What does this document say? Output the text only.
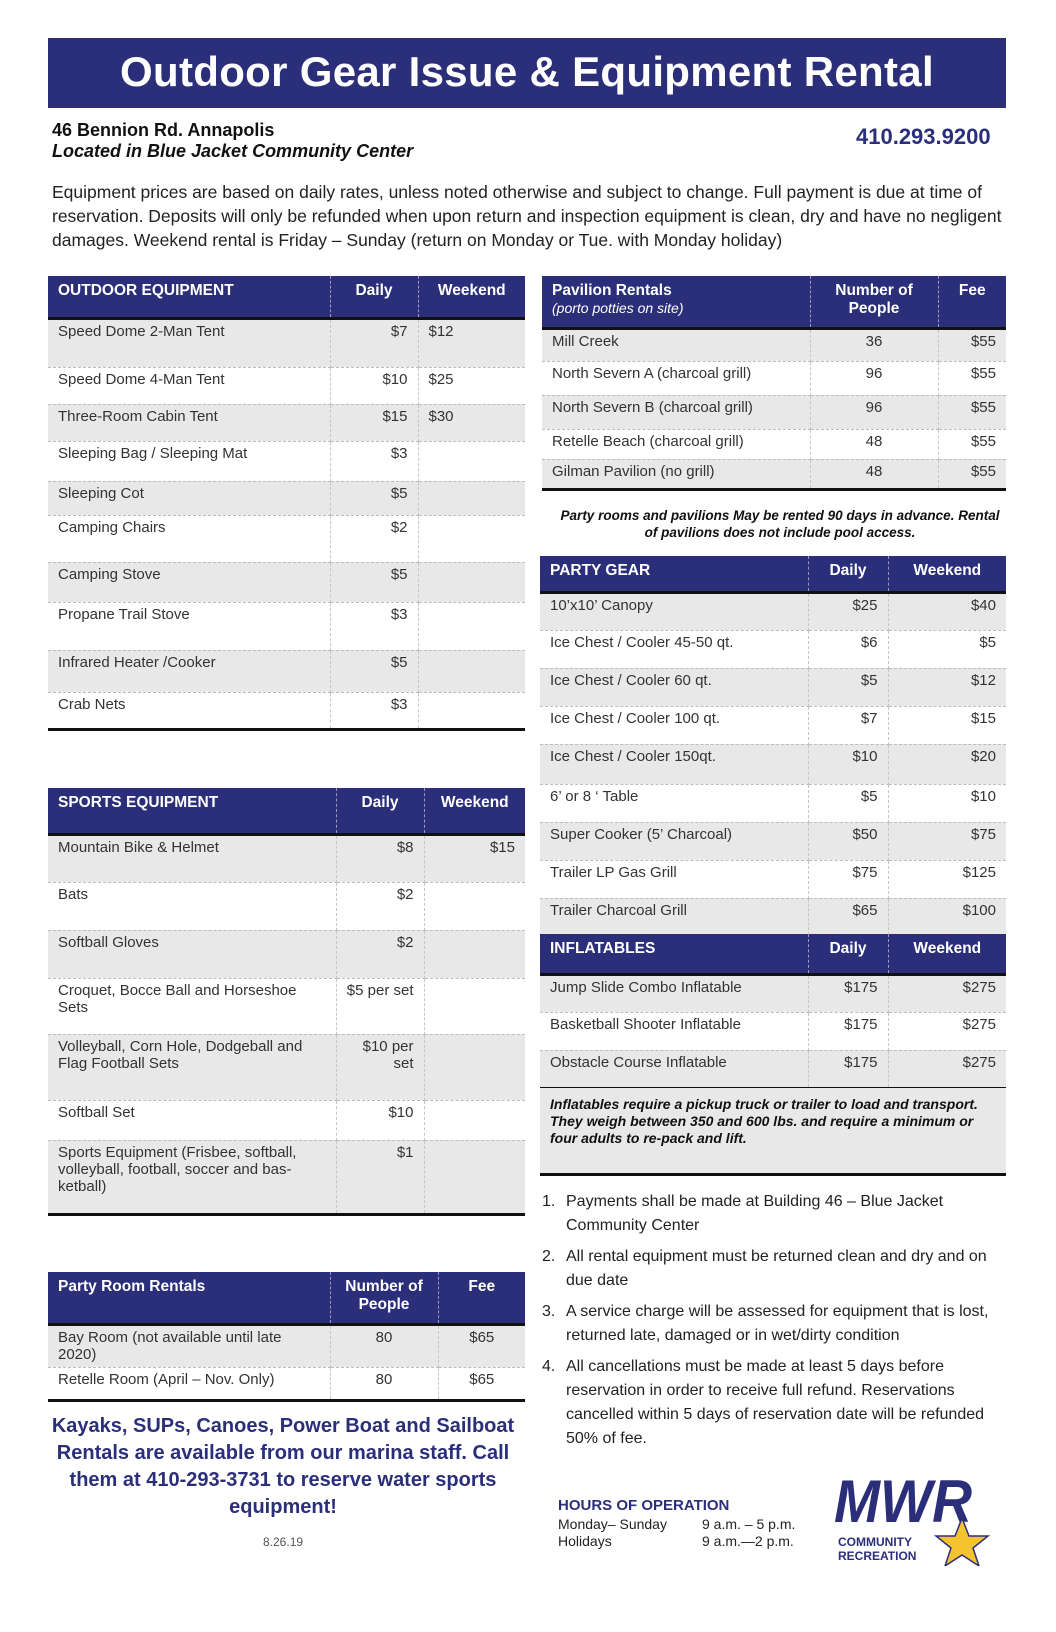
Outdoor Gear Issue & Equipment Rental
46 Bennion Rd. Annapolis
Located in Blue Jacket Community Center
410.293.9200
Equipment prices are based on daily rates, unless noted otherwise and subject to change. Full payment is due at time of reservation. Deposits will only be refunded when upon return and inspection equipment is clean, dry and have no negligent damages. Weekend rental is Friday – Sunday (return on Monday or Tue. with Monday holiday)
OUTDOOR EQUIPMENT	Daily	Weekend
Speed Dome 2-Man Tent	$7	$12
Speed Dome 4-Man Tent	$10	$25
Three-Room Cabin Tent	$15	$30
Sleeping Bag / Sleeping Mat	$3	
Sleeping Cot	$5	
Camping Chairs	$2	
Camping Stove	$5	
Propane Trail Stove	$3	
Infrared Heater /Cooker	$5	
Crab Nets	$3	
SPORTS EQUIPMENT	Daily	Weekend
Mountain Bike & Helmet	$8	$15
Bats	$2	
Softball Gloves	$2	
Croquet, Bocce Ball and Horseshoe Sets	$5 per set	
Volleyball, Corn Hole, Dodgeball and Flag Football Sets	$10 per set	
Softball Set	$10	
Sports Equipment (Frisbee, softball, volleyball, football, soccer and bas-ketball)	$1	
Party Room Rentals	Number of People	Fee
Bay Room (not available until late 2020)	80	$65
Retelle Room (April – Nov. Only)	80	$65
Pavilion Rentals
(porto potties on site)	Number of People	Fee
Mill Creek	36	$55
North Severn A (charcoal grill)	96	$55
North Severn B (charcoal grill)	96	$55
Retelle Beach (charcoal grill)	48	$55
Gilman Pavilion (no grill)	48	$55
Party rooms and pavilions May be rented 90 days in advance. Rental of pavilions does not include pool access.
PARTY GEAR	Daily	Weekend
10’x10’ Canopy	$25	$40
Ice Chest / Cooler 45-50 qt.	$6	$5
Ice Chest / Cooler 60 qt.	$5	$12
Ice Chest / Cooler 100 qt.	$7	$15
Ice Chest / Cooler 150qt.	$10	$20
6’ or 8 ‘ Table	$5	$10
Super Cooker (5’ Charcoal)	$50	$75
Trailer LP Gas Grill	$75	$125
Trailer Charcoal Grill	$65	$100
INFLATABLES	Daily	Weekend
Jump Slide Combo Inflatable	$175	$275
Basketball Shooter Inflatable	$175	$275
Obstacle Course Inflatable	$175	$275
Inflatables require a pickup truck or trailer to load and transport. They weigh between 350 and 600 lbs. and require a minimum or four adults to re-pack and lift.
1. Payments shall be made at Building 46 – Blue Jacket Community Center
2. All rental equipment must be returned clean and dry and on due date
3. A service charge will be assessed for equipment that is lost, returned late, damaged or in wet/dirty condition
4. All cancellations must be made at least 5 days before reservation in order to receive full refund. Reservations cancelled within 5 days of reservation date will be refunded 50% of fee.
Kayaks, SUPs, Canoes, Power Boat and Sailboat Rentals are available from our marina staff. Call them at 410-293-3731 to reserve water sports equipment!
8.26.19
HOURS OF OPERATION
Monday– Sunday	9 a.m. – 5 p.m.
Holidays	9 a.m.—2 p.m.
MWR
COMMUNITY
RECREATION
